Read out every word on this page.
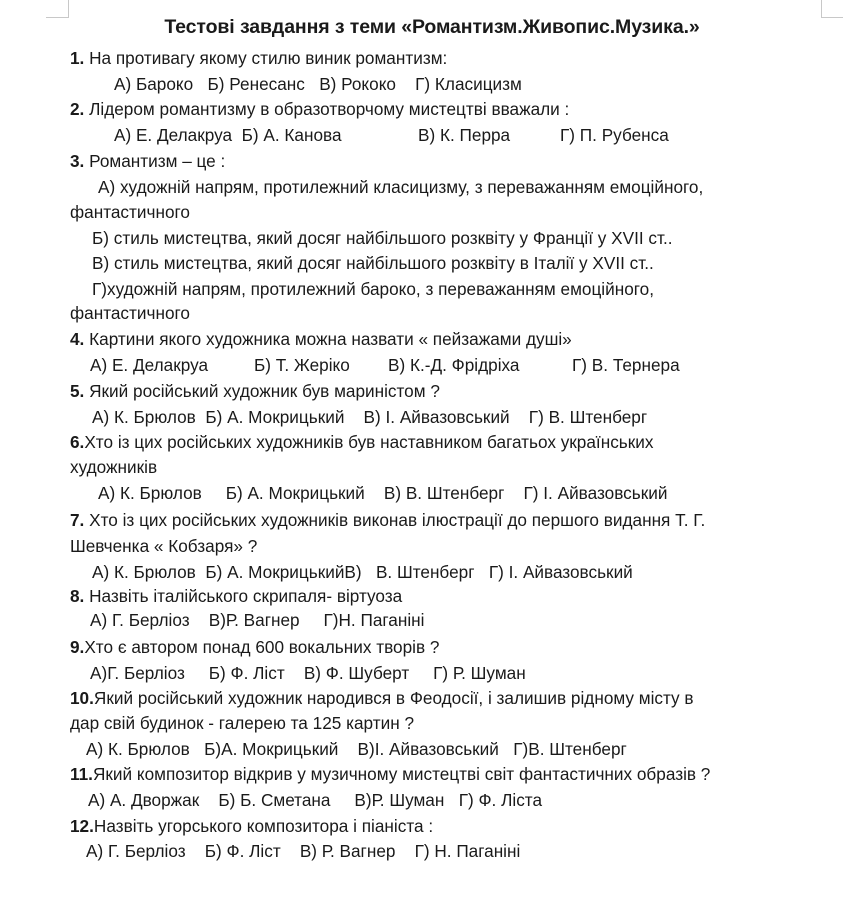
Тестові завдання з теми «Романтизм.Живопис.Музика.»
1. На противагу якому стилю виник романтизм:
А) Бароко Б) Ренесанс В) Рококо Г) Класицизм
2. Лідером романтизму в образотворчому мистецтві вважали :
А) Е. Делакруа Б) А. Канова	В) К. Перра	Г) П. Рубенса
3. Романтизм – це :
А) художній напрям, протилежний класицизму, з переважанням емоційного,
фантастичного
Б) стиль мистецтва, який досяг найбільшого розквіту у Франції у XVII ст..
В) стиль мистецтва, який досяг найбільшого розквіту в Італії у XVII ст..
Г)художній напрям, протилежний бароко, з переважанням емоційного,
фантастичного
4. Картини якого художника можна назвати « пейзажами душі»
А) Е. Делакруа	Б) Т. Жеріко В) К.-Д. Фрідріха	Г) В. Тернера
5. Який російський художник був мариністом ?
А) К. Брюлов Б) А. Мокрицький В) І. Айвазовський Г) В. Штенберг
6.Хто із цих російських художників був наставником багатьох українських
художників
А) К. Брюлов Б) А. Мокрицький В) В. Штенберг Г) І. Айвазовський
7. Хто із цих російських художників виконав ілюстрації до першого видання Т. Г.
Шевченка « Кобзаря» ?
А) К. Брюлов Б) А. МокрицькийВ) В. Штенберг Г) І. Айвазовський
8. Назвіть італійського скрипаля- віртуоза
А) Г. Берліоз В)Р. Вагнер Г)Н. Паганіні
9.Хто є автором понад 600 вокальних творів ?
А)Г. Берліоз Б) Ф. Ліст В) Ф. Шуберт Г) Р. Шуман
10.Який російський художник народився в Феодосії, і залишив рідному місту в
дар свій будинок - галерею та 125 картин ?
А) К. Брюлов Б)А. Мокрицький В)І. Айвазовський Г)В. Штенберг
11.Який композитор відкрив у музичному мистецтві світ фантастичних образів ?
А) А. Дворжак Б) Б. Сметана В)Р. Шуман Г) Ф. Ліста
12.Назвіть угорського композитора і піаніста :
А) Г. Берліоз Б) Ф. Ліст В) Р. Вагнер Г) Н. Паганіні
